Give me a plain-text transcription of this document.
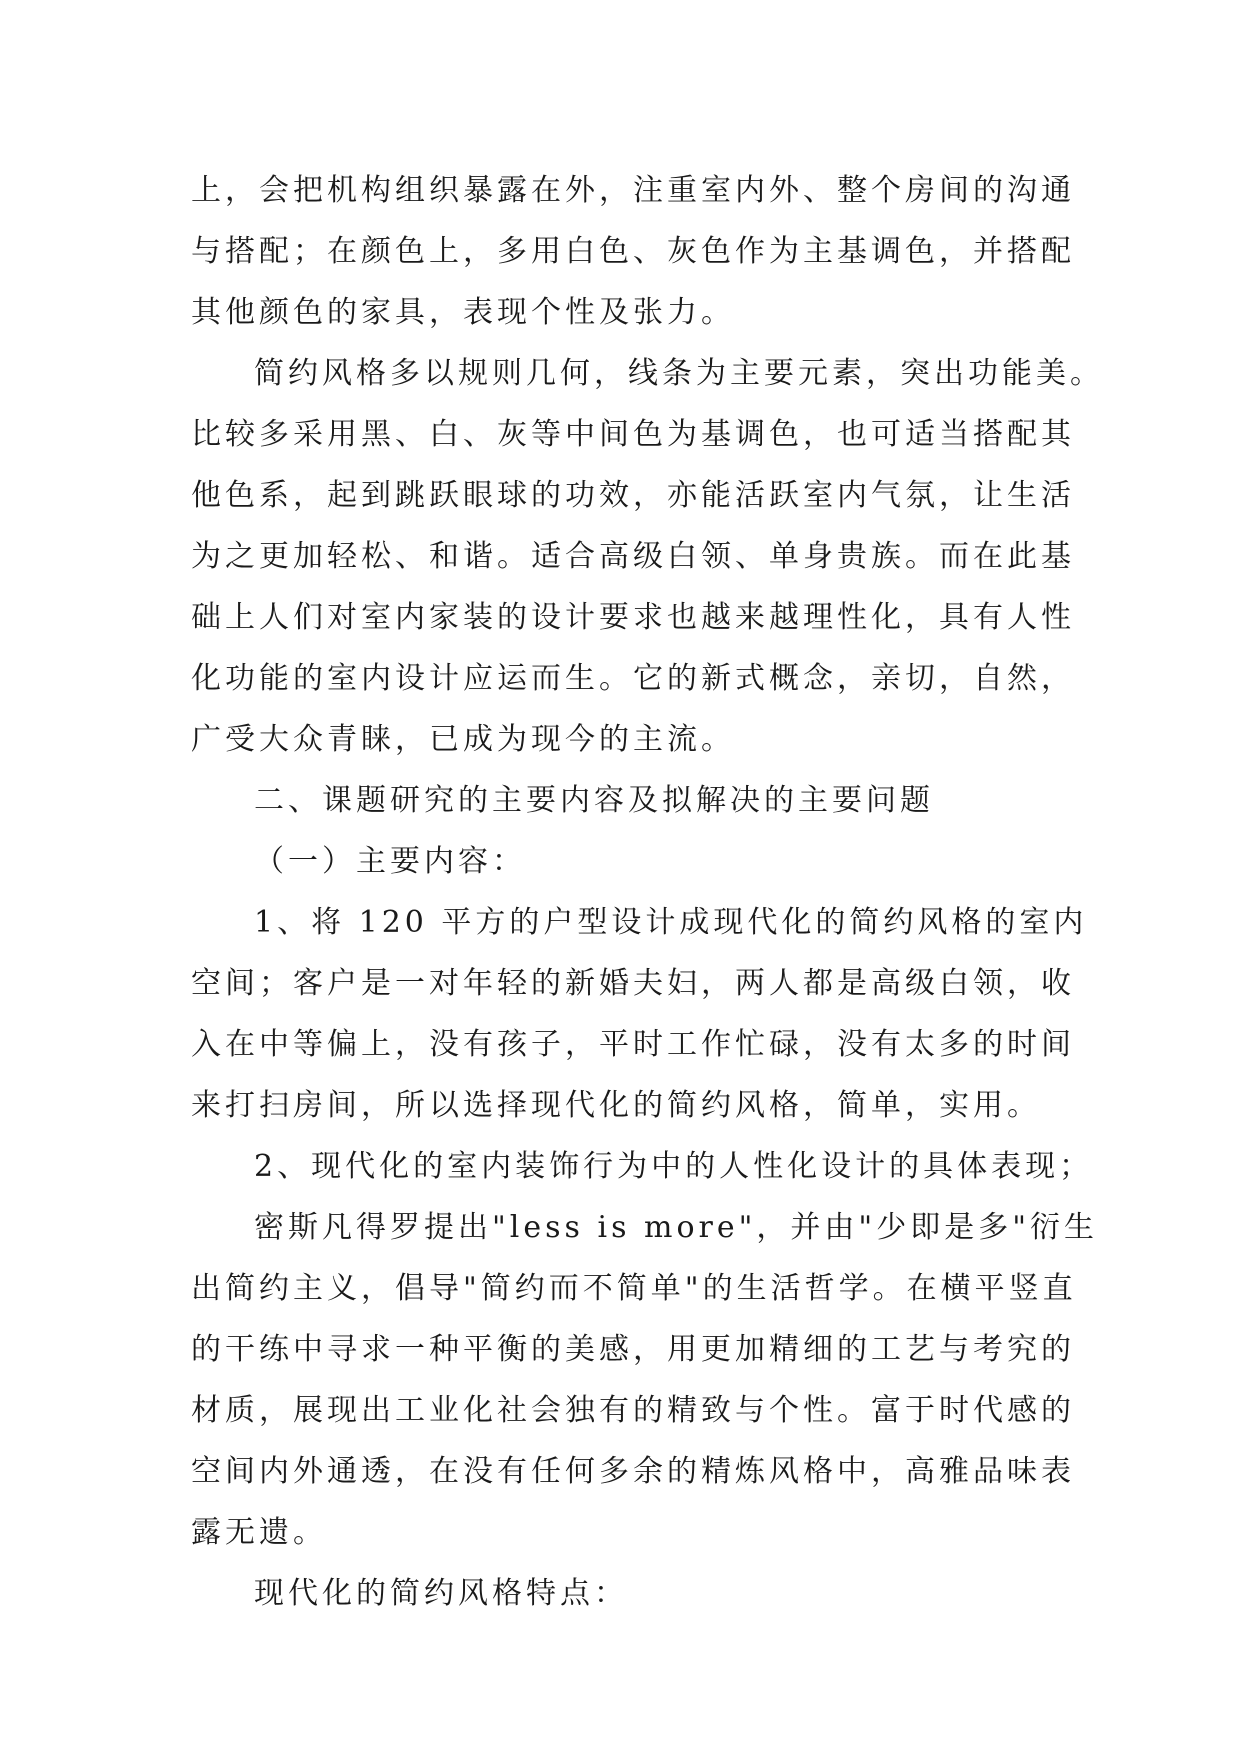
上，会把机构组织暴露在外，注重室内外、整个房间的沟通
与搭配；在颜色上，多用白色、灰色作为主基调色，并搭配
其他颜色的家具，表现个性及张力。
简约风格多以规则几何，线条为主要元素，突出功能美。
比较多采用黑、白、灰等中间色为基调色，也可适当搭配其
他色系，起到跳跃眼球的功效，亦能活跃室内气氛，让生活
为之更加轻松、和谐。适合高级白领、单身贵族。而在此基
础上人们对室内家装的设计要求也越来越理性化，具有人性
化功能的室内设计应运而生。它的新式概念，亲切，自然，
广受大众青睐，已成为现今的主流。
二、课题研究的主要内容及拟解决的主要问题
（一）主要内容：
1、将 120 平方的户型设计成现代化的简约风格的室内
空间；客户是一对年轻的新婚夫妇，两人都是高级白领，收
入在中等偏上，没有孩子，平时工作忙碌，没有太多的时间
来打扫房间，所以选择现代化的简约风格，简单，实用。
2、现代化的室内装饰行为中的人性化设计的具体表现；
密斯凡得罗提出"less is more"，并由"少即是多"衍生
出简约主义，倡导"简约而不简单"的生活哲学。在横平竖直
的干练中寻求一种平衡的美感，用更加精细的工艺与考究的
材质，展现出工业化社会独有的精致与个性。富于时代感的
空间内外通透，在没有任何多余的精炼风格中，高雅品味表
露无遗。
现代化的简约风格特点：
